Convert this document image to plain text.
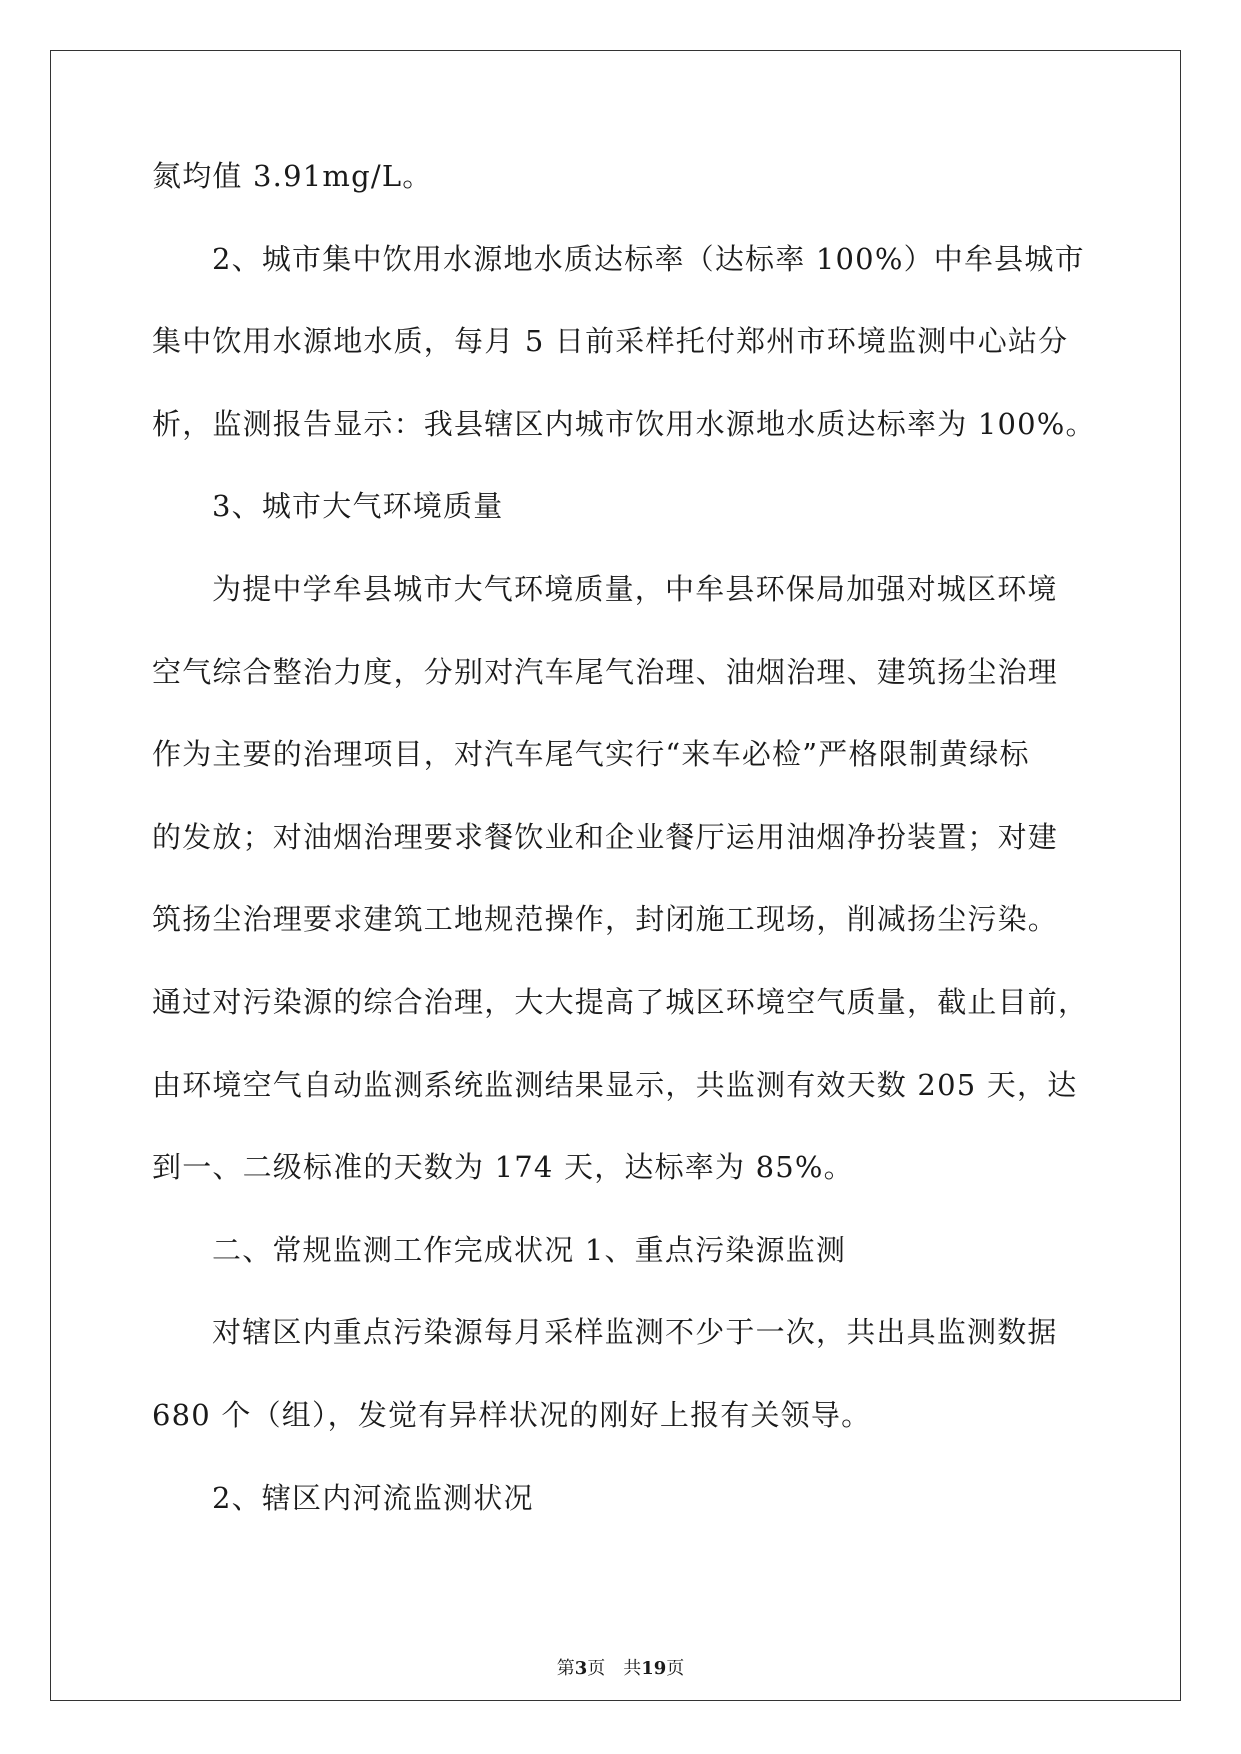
氮均值 3.91mg/L。
2、城市集中饮用水源地水质达标率（达标率 100%）中牟县城市
集中饮用水源地水质，每月 5 日前采样托付郑州市环境监测中心站分
析，监测报告显示：我县辖区内城市饮用水源地水质达标率为 100%。
3、城市大气环境质量
为提中学牟县城市大气环境质量，中牟县环保局加强对城区环境
空气综合整治力度，分别对汽车尾气治理、油烟治理、建筑扬尘治理
作为主要的治理项目，对汽车尾气实行“来车必检”严格限制黄绿标
的发放；对油烟治理要求餐饮业和企业餐厅运用油烟净扮装置；对建
筑扬尘治理要求建筑工地规范操作，封闭施工现场，削减扬尘污染。
通过对污染源的综合治理，大大提高了城区环境空气质量，截止目前，
由环境空气自动监测系统监测结果显示，共监测有效天数 205 天，达
到一、二级标准的天数为 174 天，达标率为 85%。
二、常规监测工作完成状况 1、重点污染源监测
对辖区内重点污染源每月采样监测不少于一次，共出具监测数据
680 个（组），发觉有异样状况的刚好上报有关领导。
2、辖区内河流监测状况
第3页 共19页
